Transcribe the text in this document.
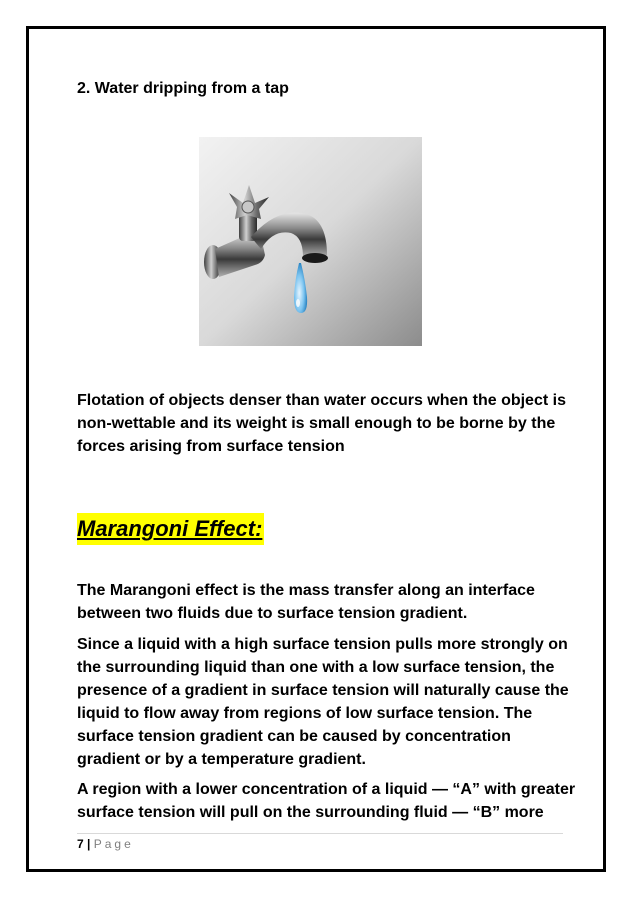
2. Water dripping from a tap

Flotation of objects denser than water occurs when the object is non-wettable and its weight is small enough to be borne by the forces arising from surface tension

Marangoni Effect:

The Marangoni effect is the mass transfer along an interface between two fluids due to surface tension gradient.

Since a liquid with a high surface tension pulls more strongly on the surrounding liquid than one with a low surface tension, the presence of a gradient in surface tension will naturally cause the liquid to flow away from regions of low surface tension. The surface tension gradient can be caused by concentration gradient or by a temperature gradient.

A region with a lower concentration of a liquid — “A” with greater surface tension will pull on the surrounding fluid — “B” more

7 | Page
